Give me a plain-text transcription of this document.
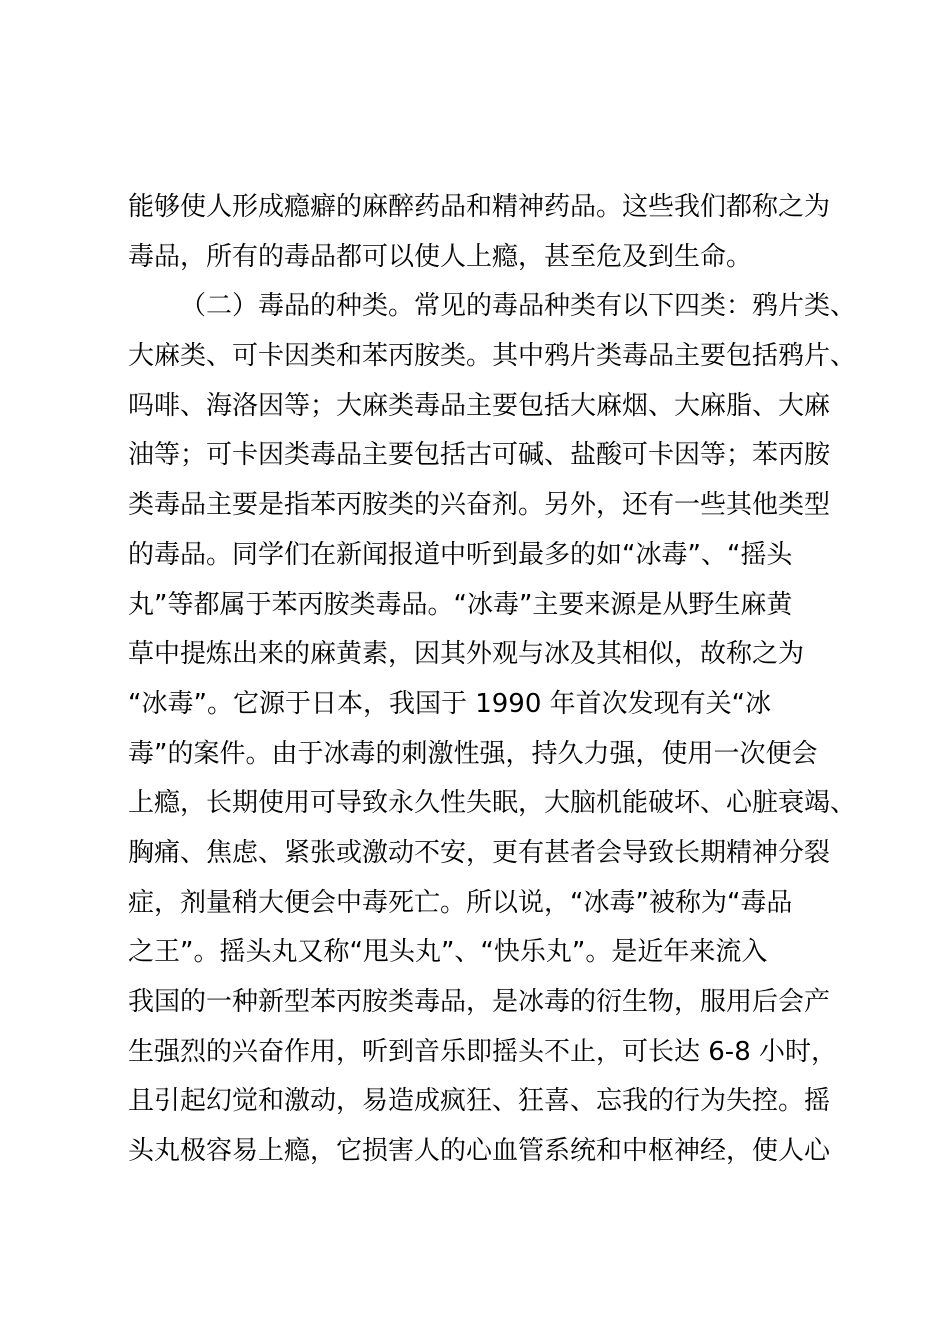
能够使人形成瘾癖的麻醉药品和精神药品。这些我们都称之为
毒品，所有的毒品都可以使人上瘾，甚至危及到生命。
（二）毒品的种类。常见的毒品种类有以下四类：鸦片类、
大麻类、可卡因类和苯丙胺类。其中鸦片类毒品主要包括鸦片、
吗啡、海洛因等；大麻类毒品主要包括大麻烟、大麻脂、大麻
油等；可卡因类毒品主要包括古可碱、盐酸可卡因等；苯丙胺
类毒品主要是指苯丙胺类的兴奋剂。另外，还有一些其他类型
的毒品。同学们在新闻报道中听到最多的如“冰毒”、“摇头
丸”等都属于苯丙胺类毒品。“冰毒”主要来源是从野生麻黄
草中提炼出来的麻黄素，因其外观与冰及其相似，故称之为
“冰毒”。它源于日本，我国于 1990 年首次发现有关“冰
毒”的案件。由于冰毒的刺激性强，持久力强，使用一次便会
上瘾，长期使用可导致永久性失眠，大脑机能破坏、心脏衰竭、
胸痛、焦虑、紧张或激动不安，更有甚者会导致长期精神分裂
症，剂量稍大便会中毒死亡。所以说，“冰毒”被称为“毒品
之王”。摇头丸又称“甩头丸”、“快乐丸”。是近年来流入
我国的一种新型苯丙胺类毒品，是冰毒的衍生物，服用后会产
生强烈的兴奋作用，听到音乐即摇头不止，可长达 6-8 小时，
且引起幻觉和激动，易造成疯狂、狂喜、忘我的行为失控。摇
头丸极容易上瘾，它损害人的心血管系统和中枢神经，使人心
